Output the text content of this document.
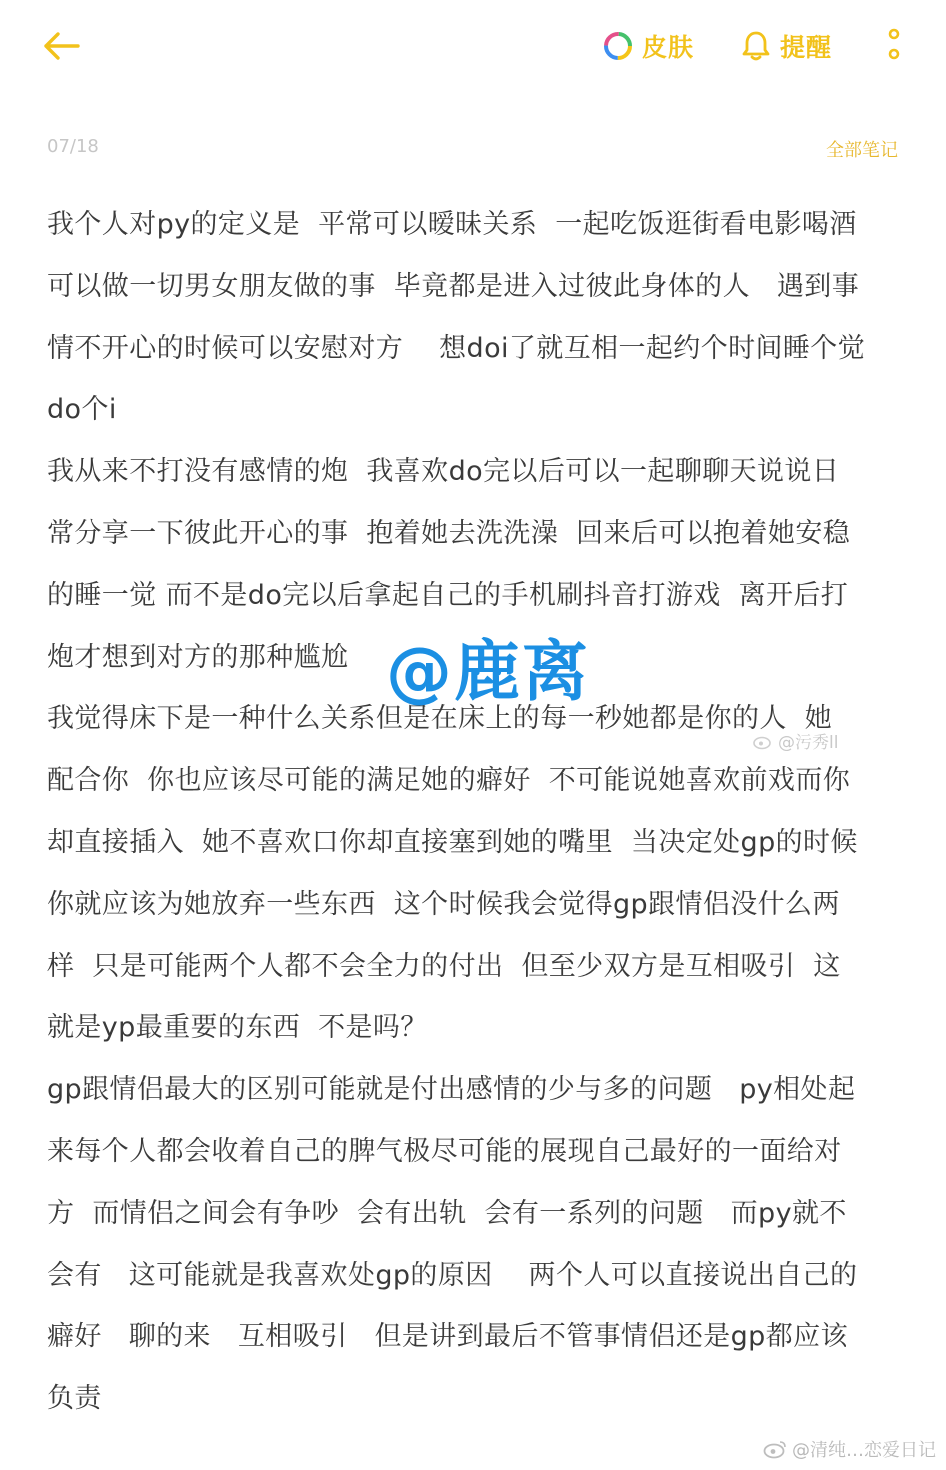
皮肤	提醒
07/18	全部笔记
我个人对py的定义是  平常可以暧昧关系  一起吃饭逛街看电影喝酒
可以做一切男女朋友做的事  毕竟都是进入过彼此身体的人   遇到事
情不开心的时候可以安慰对方    想doi了就互相一起约个时间睡个觉
do个i
我从来不打没有感情的炮  我喜欢do完以后可以一起聊聊天说说日
常分享一下彼此开心的事  抱着她去洗洗澡  回来后可以抱着她安稳
的睡一觉 而不是do完以后拿起自己的手机刷抖音打游戏  离开后打
炮才想到对方的那种尴尬
我觉得床下是一种什么关系但是在床上的每一秒她都是你的人  她
配合你  你也应该尽可能的满足她的癖好  不可能说她喜欢前戏而你
却直接插入  她不喜欢口你却直接塞到她的嘴里  当决定处gp的时候
你就应该为她放弃一些东西  这个时候我会觉得gp跟情侣没什么两
样  只是可能两个人都不会全力的付出  但至少双方是互相吸引  这
就是yp最重要的东西  不是吗？
gp跟情侣最大的区别可能就是付出感情的少与多的问题   py相处起
来每个人都会收着自己的脾气极尽可能的展现自己最好的一面给对
方  而情侣之间会有争吵  会有出轨  会有一系列的问题   而py就不
会有   这可能就是我喜欢处gp的原因    两个人可以直接说出自己的
癖好   聊的来   互相吸引   但是讲到最后不管事情侣还是gp都应该
负责
@鹿离
@污秀ll
@清纯…恋爱日记
